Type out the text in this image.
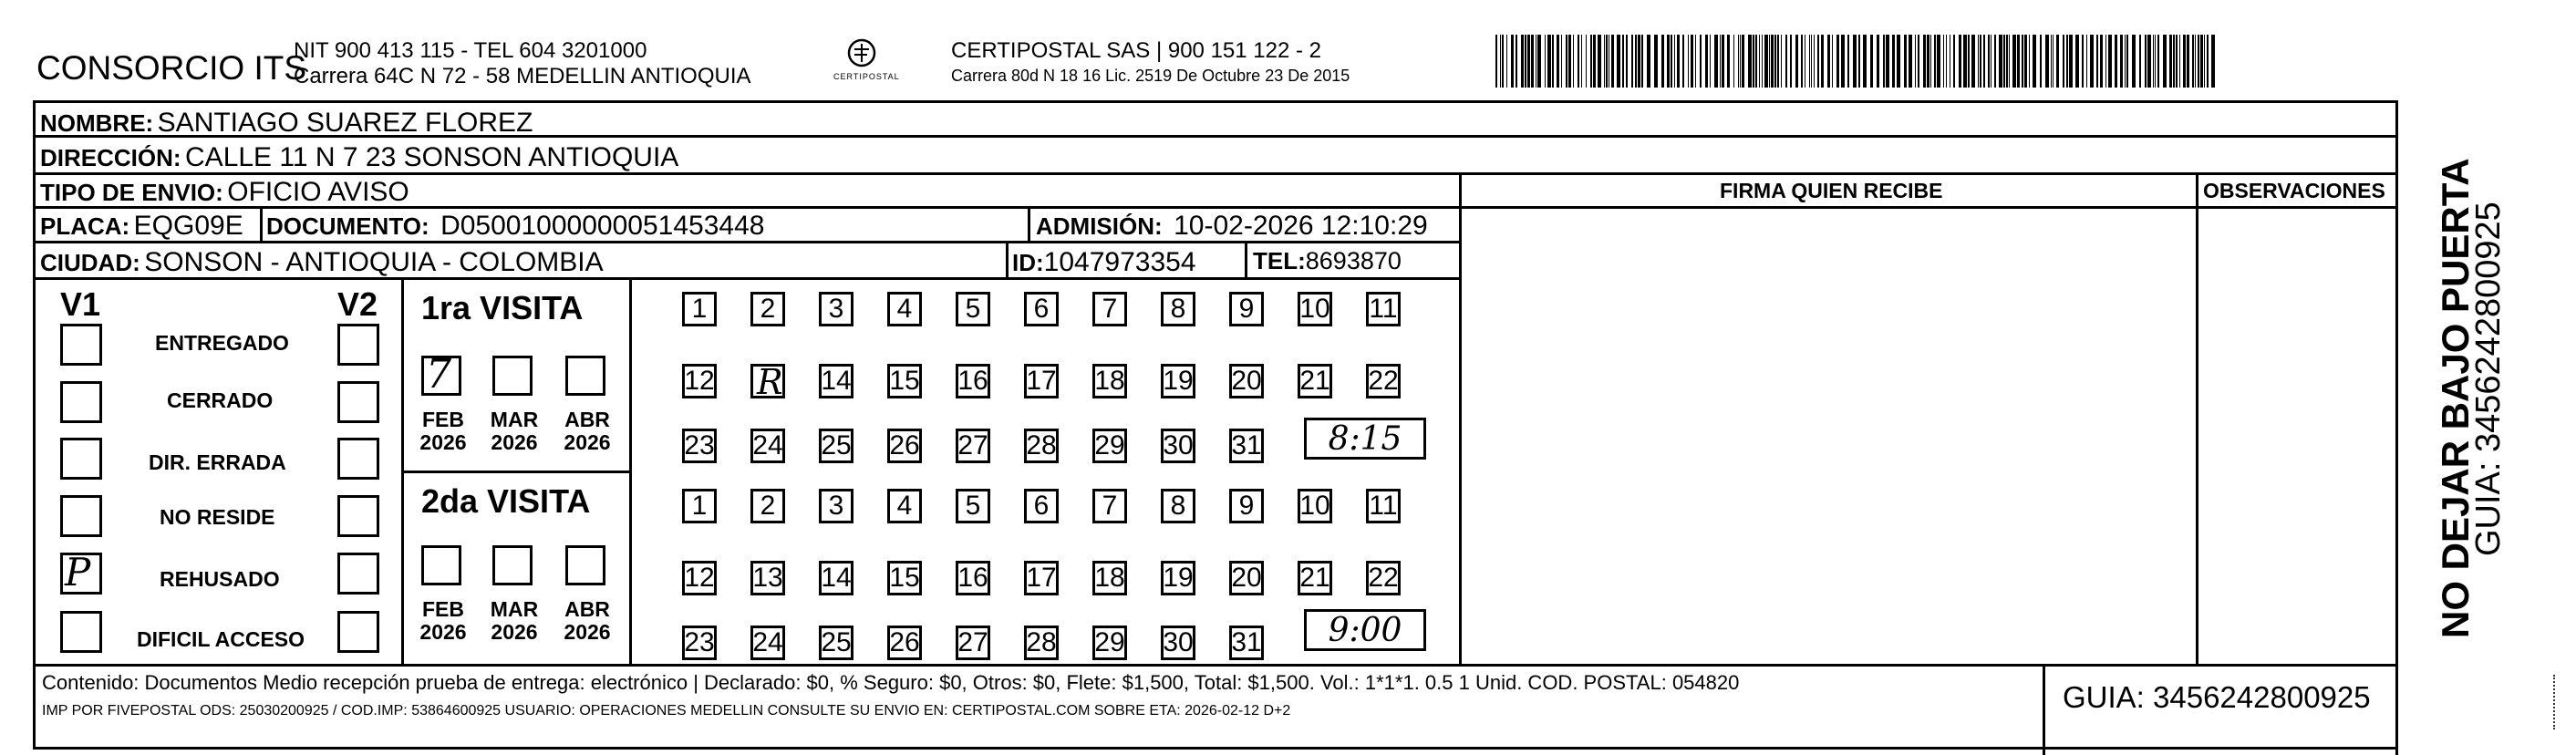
CONSORCIO ITS
NIT 900 413 115 - TEL 604 3201000
Carrera 64C N 72 - 58 MEDELLIN ANTIOQUIA	CERTIPOSTAL
CERTIPOSTAL SAS | 900 151 122 - 2
Carrera 80d N 18 16 Lic. 2519 De Octubre 23 De 2015
NOMBRE: SANTIAGO SUAREZ FLOREZ
DIRECCIÓN: CALLE 11 N 7 23 SONSON ANTIOQUIA
TIPO DE ENVIO: OFICIO AVISO
PLACA: EQG09E DOCUMENTO: D05001000000051453448	ADMISIÓN: 10-02-2026 12:10:29
CIUDAD: SONSON - ANTIOQUIA - COLOMBIA	ID:1047973354 TEL:8693870
FIRMA QUIEN RECIBE	OBSERVACIONES
V1	V2
ENTREGADO
CERRADO
DIR. ERRADA
NO RESIDE
P	REHUSADO
DIFICIL ACCESO
1ra VISITA
7
FEB
2026
MAR
2026
ABR
2026
1 2 3 4 5 6 7 8 9 10 11
12 R 14 15 16 17 18 19 20 21 22
23 24 25 26 27 28 29 30 31 8:15
2da VISITA
FEB
2026
MAR
2026
ABR
2026
1 2 3 4 5 6 7 8 9 10 11
12 13 14 15 16 17 18 19 20 21 22
23 24 25 26 27 28 29 30 31 9:00
Contenido: Documentos Medio recepción prueba de entrega: electrónico | Declarado: $0, % Seguro: $0, Otros: $0, Flete: $1,500, Total: $1,500. Vol.: 1*1*1. 0.5 1 Unid. COD. POSTAL: 054820
IMP POR FIVEPOSTAL ODS: 25030200925 / COD.IMP: 53864600925 USUARIO: OPERACIONES MEDELLIN CONSULTE SU ENVIO EN: CERTIPOSTAL.COM SOBRE ETA: 2026-02-12 D+2	GUIA: 3456242800925
NO DEJAR BAJO PUERTA
GUIA: 3456242800925
